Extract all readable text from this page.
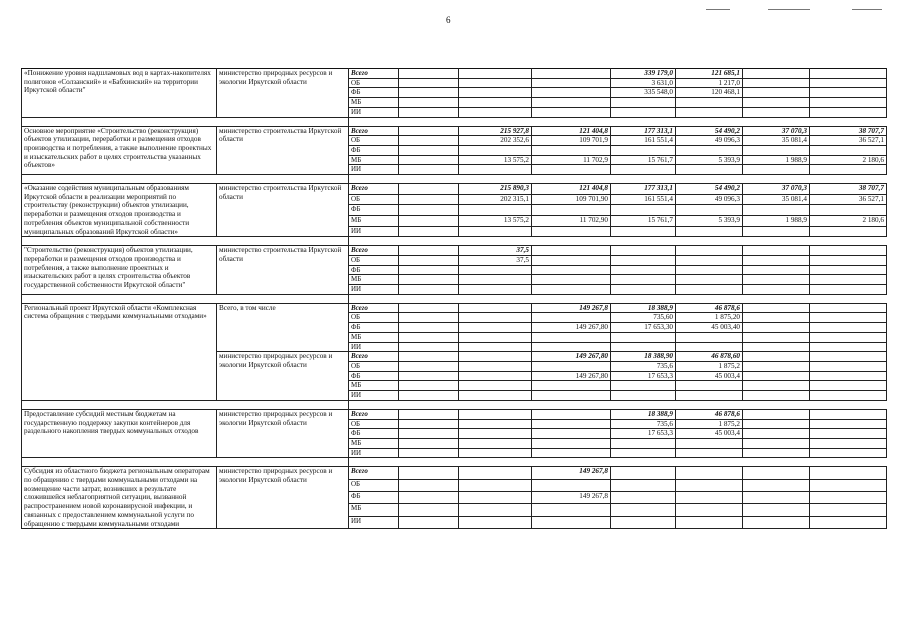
6
«Понижение уровня надшламовых вод в картах-накопителях полигонов «Солзанский» и «Бабхинский» на территории Иркутской области"	министерство природных ресурсов и экологии Иркутской области	Всего				339 179,0	121 685,1		
		ОБ				3 631,0	1 217,0		
		ФБ				335 548,0	120 468,1		
		МБ							
		ИИ							

Основное мероприятие «Строительство (реконструкция) объектов утилизации, переработки и размещения отходов производства и потребления, а также выполнение проектных и изыскательских работ в целях строительства указанных объектов»	министерство строительства Иркутской области	Всего		215 927,8	121 404,8	177 313,1	54 490,2	37 070,3	38 707,7
		ОБ		202 352,6	109 701,9	161 551,4	49 096,3	35 081,4	36 527,1
		ФБ							
		МБ		13 575,2	11 702,9	15 761,7	5 393,9	1 988,9	2 180,6
		ИИ							

«Оказание содействия муниципальным образованиям Иркутской области в реализации мероприятий по строительству (реконструкции) объектов утилизации, переработки и размещения отходов производства и потребления объектов муниципальной собственности муниципальных образований Иркутской области»	министерство строительства Иркутской области	Всего		215 890,3	121 404,8	177 313,1	54 490,2	37 070,3	38 707,7
		ОБ		202 315,1	109 701,90	161 551,4	49 096,3	35 081,4	36 527,1
		ФБ							
		МБ		13 575,2	11 702,90	15 761,7	5 393,9	1 988,9	2 180,6
		ИИ							

"Строительство (реконструкция) объектов утилизации, переработки и размещения отходов производства и потребления, а также выполнение проектных и изыскательских работ в целях строительства объектов государственной собственности Иркутской области"	министерство строительства Иркутской области	Всего		37,5					
		ОБ		37,5					
		ФБ							
		МБ							
		ИИ							

Региональный проект Иркутской области «Комплексная система обращения с твердыми коммунальными отходами»	Всего, в том числе	Всего			149 267,8	18 388,9	46 878,6		
		ОБ				735,60	1 875,20		
		ФБ			149 267,80	17 653,30	45 003,40		
		МБ							
		ИИ							
	министерство природных ресурсов и экологии Иркутской области	Всего			149 267,80	18 388,90	46 878,60		
		ОБ				735,6	1 875,2		
		ФБ			149 267,80	17 653,3	45 003,4		
		МБ							
		ИИ							

Предоставление субсидий местным бюджетам на государственную поддержку закупки контейнеров для раздельного накопления твердых коммунальных отходов	министерство природных ресурсов и экологии Иркутской области	Всего				18 388,9	46 878,6		
		ОБ				735,6	1 875,2		
		ФБ				17 653,3	45 003,4		
		МБ							
		ИИ							

Субсидия из областного бюджета региональным операторам по обращению с твердыми коммунальными отходами на возмещение части затрат, возникших в результате сложившейся неблагоприятной ситуации, вызванной распространением новой коронавирусной инфекции, и связанных с предоставлением коммунальной услуги по обращению с твердыми коммунальными отходами	министерство природных ресурсов и экологии Иркутской области	Всего			149 267,8				
		ОБ							
		ФБ			149 267,8				
		МБ							
		ИИ							
